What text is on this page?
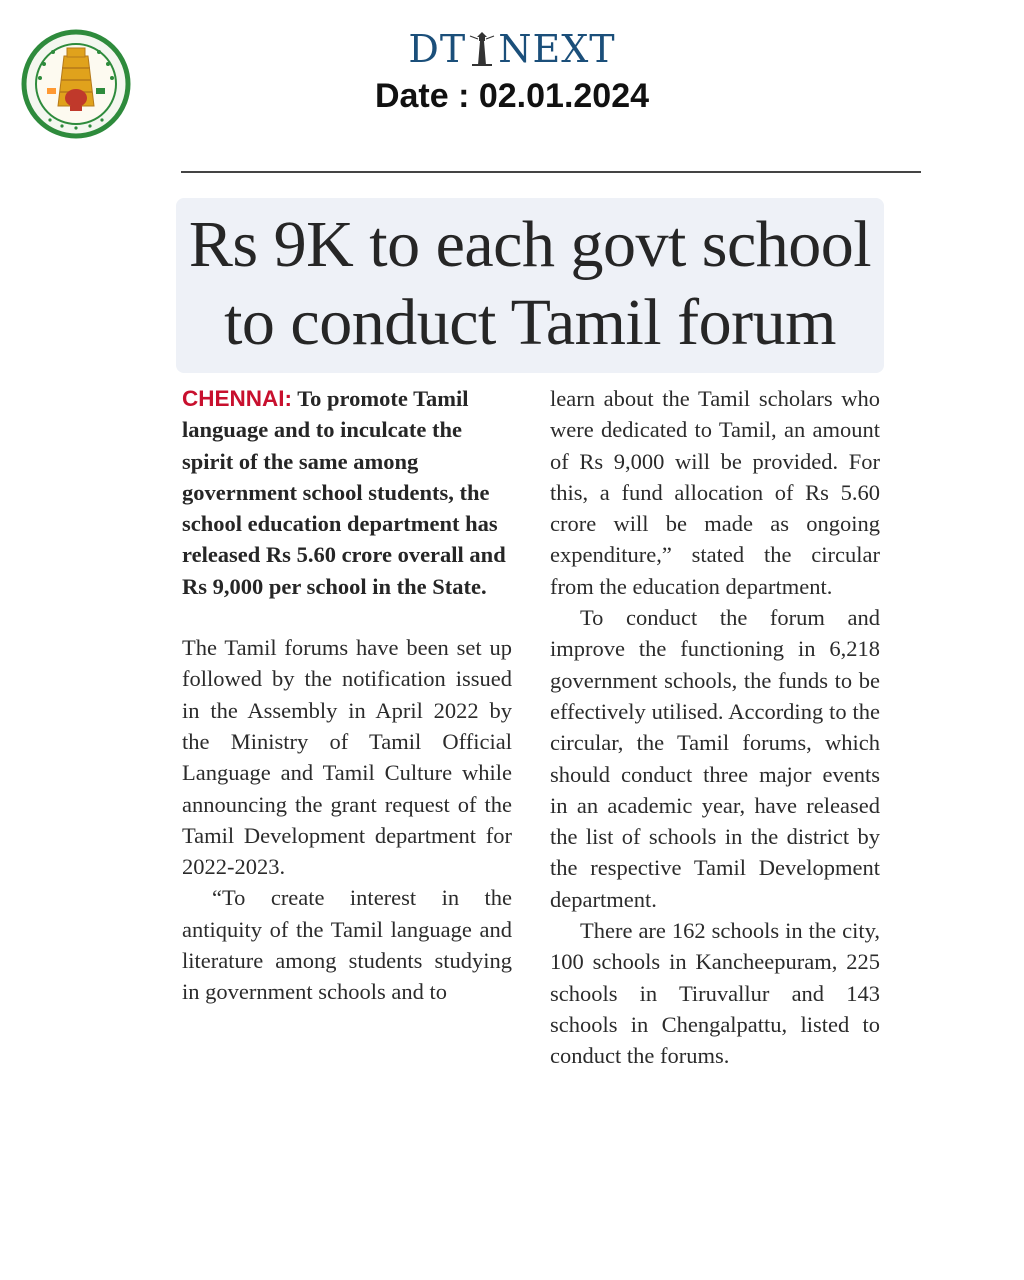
DT NEXT
Date : 02.01.2024
Rs 9K to each govt school
to conduct Tamil forum

CHENNAI: To promote Tamil language and to inculcate the spirit of the same among government school students, the school education department has released Rs 5.60 crore overall and Rs 9,000 per school in the State.

The Tamil forums have been set up followed by the notification issued in the Assembly in April 2022 by the Ministry of Tamil Official Language and Tamil Culture while announcing the grant request of the Tamil Development department for 2022-2023.

“To create interest in the antiquity of the Tamil language and literature among students studying in government schools and to

learn about the Tamil scholars who were dedicated to Tamil, an amount of Rs 9,000 will be provided. For this, a fund allocation of Rs 5.60 crore will be made as ongoing expenditure,” stated the circular from the education department.

To conduct the forum and improve the functioning in 6,218 government schools, the funds to be effectively utilised. According to the circular, the Tamil forums, which should conduct three major events in an academic year, have released the list of schools in the district by the respective Tamil Development department.

There are 162 schools in the city, 100 schools in Kancheepuram, 225 schools in Tiruvallur and 143 schools in Chengalpattu, listed to conduct the forums.
